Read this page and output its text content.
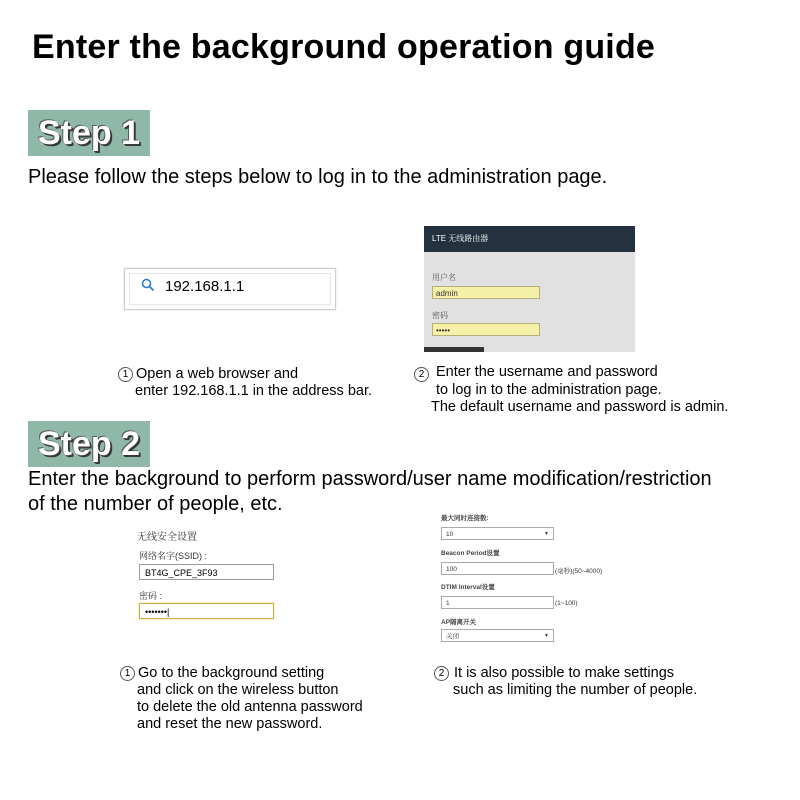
Enter the background operation guide
Step 1
Please follow the steps below to log in to the administration page.
192.168.1.1
LTE 无线路由器
用户名
admin
密码
•••••
1 Open a web browser and
enter 192.168.1.1 in the address bar.
2 Enter the username and password
to log in to the administration page.
The default username and password is admin.
Step 2
Enter the background to perform password/user name modification/restriction
of the number of people, etc.
无线安全设置
网络名字(SSID) :
BT4G_CPE_3F93
密码 :
•••••••|
最大同时连接数:
10	▼
Beacon Period设置
100	(毫秒)(50~4000)
DTIM Interval设置
1	(1~100)
AP隔离开关
关闭	▼
1 Go to the background setting
and click on the wireless button
to delete the old antenna password
and reset the new password.
2 It is also possible to make settings
such as limiting the number of people.
